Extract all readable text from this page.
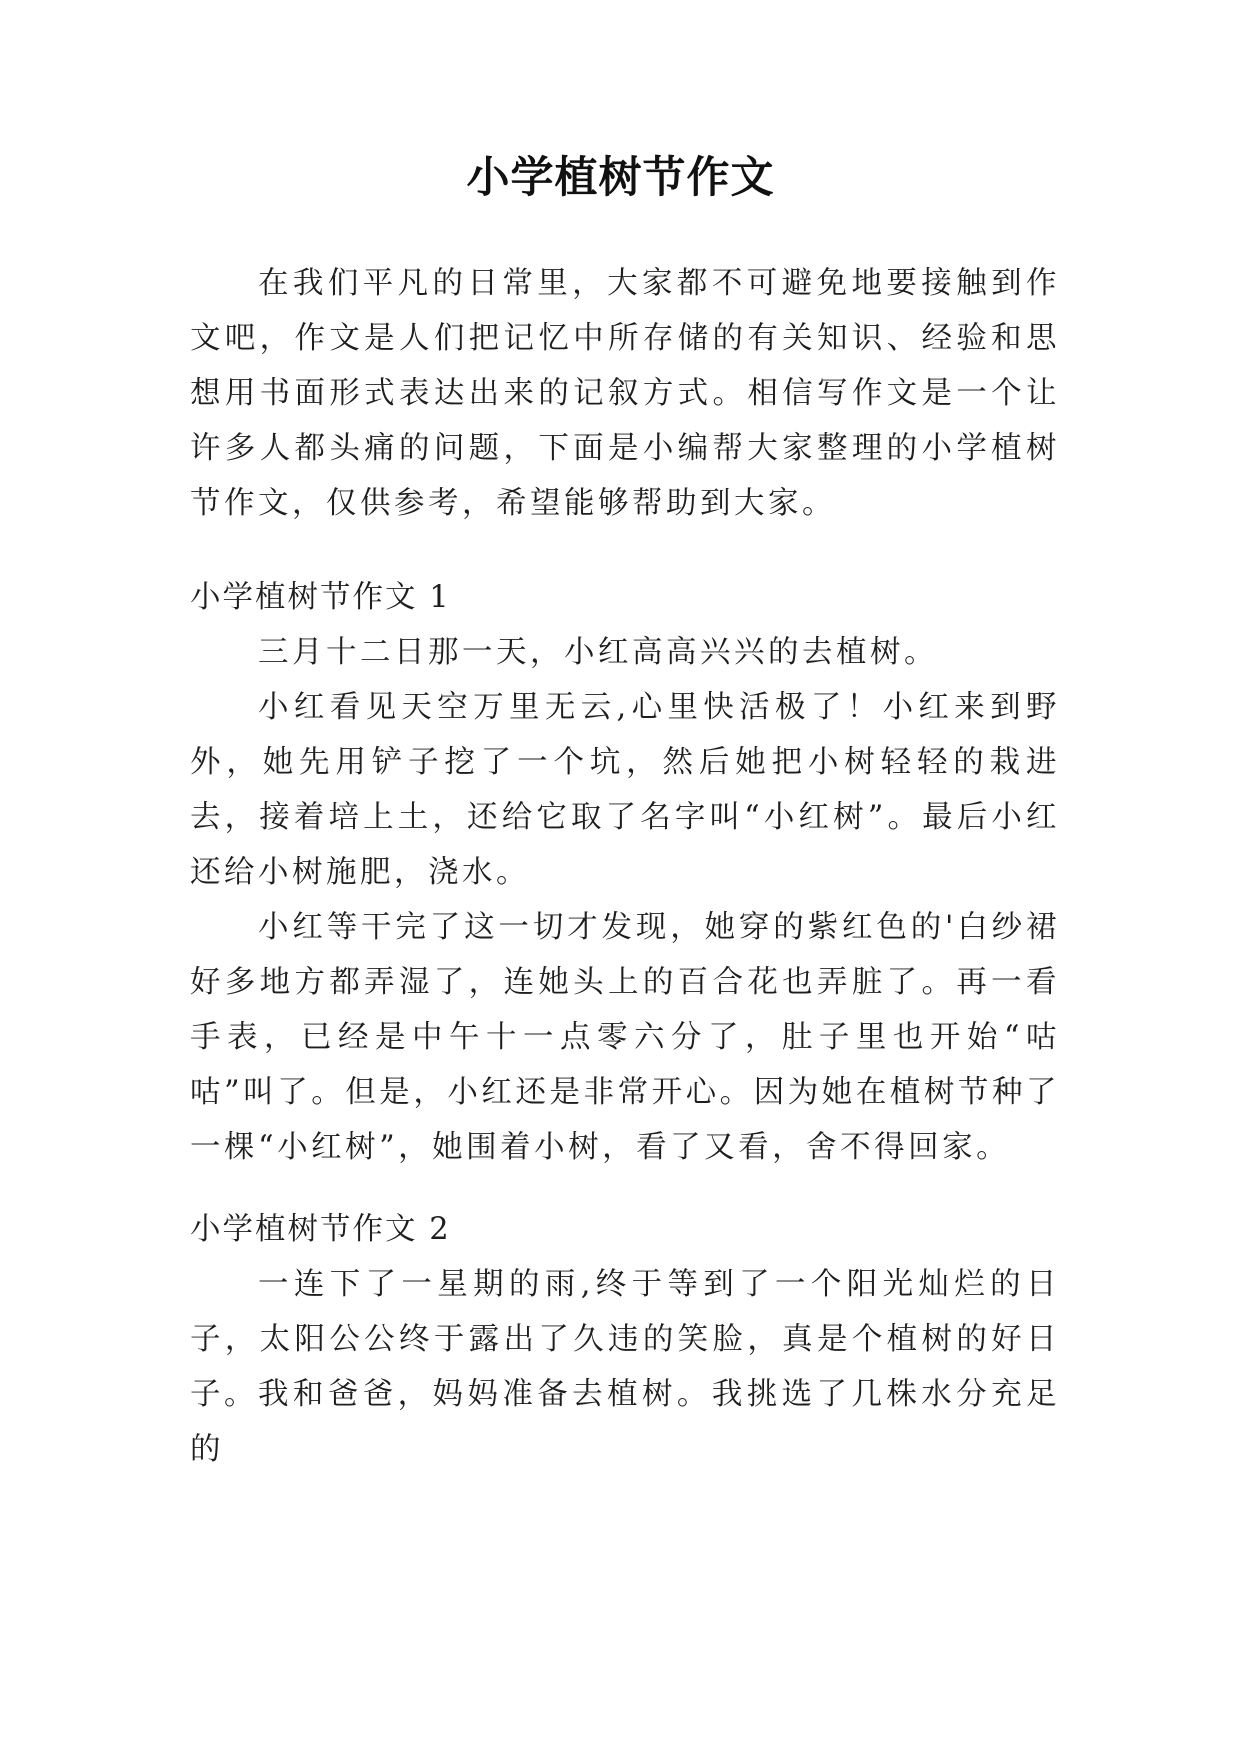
小学植树节作文
在我们平凡的日常里，大家都不可避免地要接触到作文吧，作文是人们把记忆中所存储的有关知识、经验和思想用书面形式表达出来的记叙方式。相信写作文是一个让许多人都头痛的问题，下面是小编帮大家整理的小学植树节作文，仅供参考，希望能够帮助到大家。
小学植树节作文 1
三月十二日那一天，小红高高兴兴的去植树。
小红看见天空万里无云,心里快活极了！小红来到野外，她先用铲子挖了一个坑，然后她把小树轻轻的栽进去，接着培上土，还给它取了名字叫“小红树”。最后小红还给小树施肥，浇水。
小红等干完了这一切才发现，她穿的紫红色的'白纱裙好多地方都弄湿了，连她头上的百合花也弄脏了。再一看手表，已经是中午十一点零六分了，肚子里也开始“咕咕”叫了。但是，小红还是非常开心。因为她在植树节种了一棵“小红树”，她围着小树，看了又看，舍不得回家。
小学植树节作文 2
一连下了一星期的雨,终于等到了一个阳光灿烂的日子，太阳公公终于露出了久违的笑脸，真是个植树的好日子。 我和爸爸，妈妈准备去植树。我挑选了几株水分充足的
